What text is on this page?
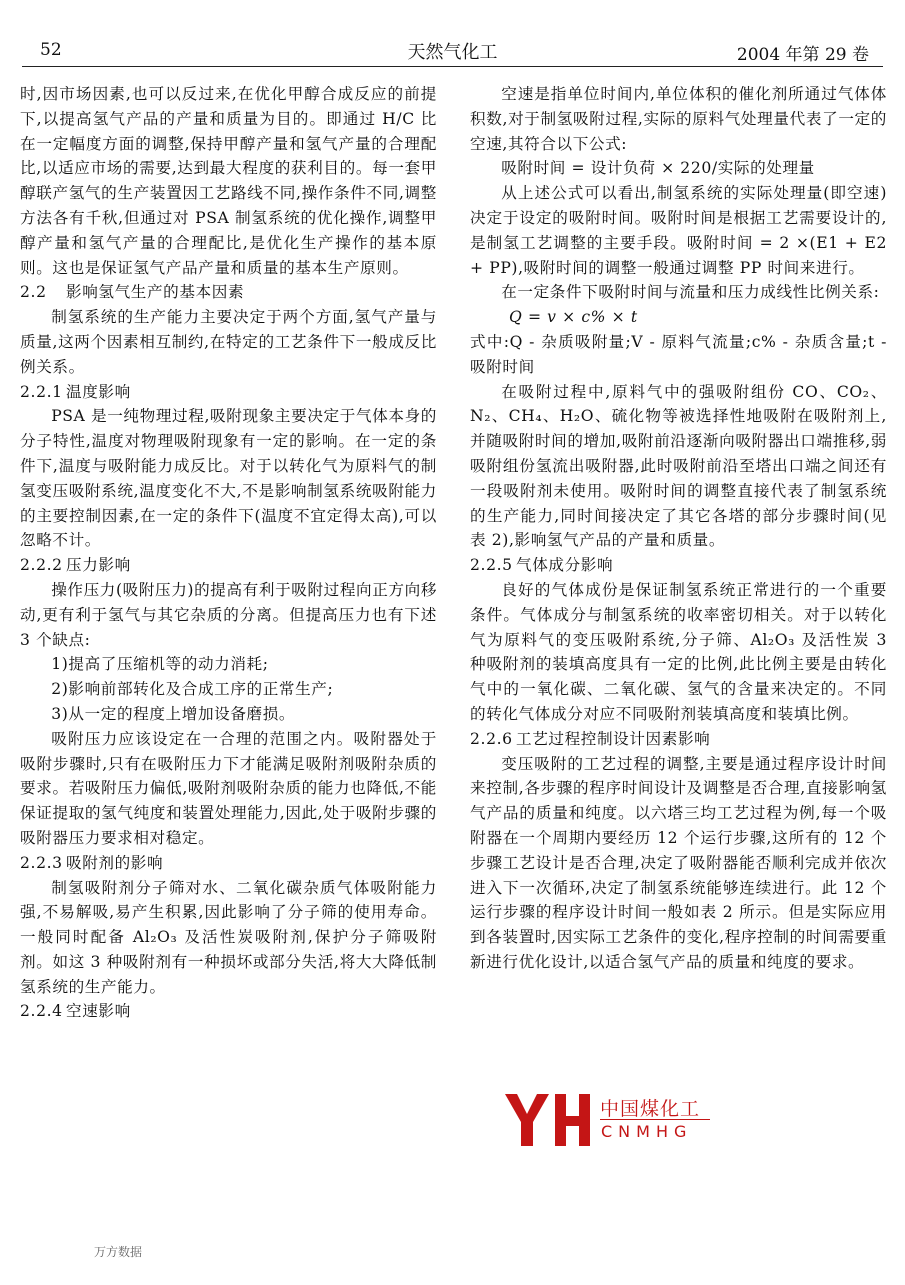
52	天然气化工	2004 年第 29 卷

时,因市场因素,也可以反过来,在优化甲醇合成反应的前提下,以提高氢气产品的产量和质量为目的。即通过 H/C 比在一定幅度方面的调整,保持甲醇产量和氢气产量的合理配比,以适应市场的需要,达到最大程度的获利目的。每一套甲醇联产氢气的生产装置因工艺路线不同,操作条件不同,调整方法各有千秋,但通过对 PSA 制氢系统的优化操作,调整甲醇产量和氢气产量的合理配比,是优化生产操作的基本原则。这也是保证氢气产品产量和质量的基本生产原则。

2.2 影响氢气生产的基本因素

制氢系统的生产能力主要决定于两个方面,氢气产量与质量,这两个因素相互制约,在特定的工艺条件下一般成反比例关系。

2.2.1 温度影响

PSA 是一纯物理过程,吸附现象主要决定于气体本身的分子特性,温度对物理吸附现象有一定的影响。在一定的条件下,温度与吸附能力成反比。对于以转化气为原料气的制氢变压吸附系统,温度变化不大,不是影响制氢系统吸附能力的主要控制因素,在一定的条件下(温度不宜定得太高),可以忽略不计。

2.2.2 压力影响

操作压力(吸附压力)的提高有利于吸附过程向正方向移动,更有利于氢气与其它杂质的分离。但提高压力也有下述 3 个缺点:

1)提高了压缩机等的动力消耗;

2)影响前部转化及合成工序的正常生产;

3)从一定的程度上增加设备磨损。

吸附压力应该设定在一合理的范围之内。吸附器处于吸附步骤时,只有在吸附压力下才能满足吸附剂吸附杂质的要求。若吸附压力偏低,吸附剂吸附杂质的能力也降低,不能保证提取的氢气纯度和装置处理能力,因此,处于吸附步骤的吸附器压力要求相对稳定。

2.2.3 吸附剂的影响

制氢吸附剂分子筛对水、二氧化碳杂质气体吸附能力强,不易解吸,易产生积累,因此影响了分子筛的使用寿命。一般同时配备 Al₂O₃ 及活性炭吸附剂,保护分子筛吸附剂。如这 3 种吸附剂有一种损坏或部分失活,将大大降低制氢系统的生产能力。

2.2.4 空速影响

空速是指单位时间内,单位体积的催化剂所通过气体体积数,对于制氢吸附过程,实际的原料气处理量代表了一定的空速,其符合以下公式:

吸附时间 = 设计负荷 × 220/实际的处理量

从上述公式可以看出,制氢系统的实际处理量(即空速)决定于设定的吸附时间。吸附时间是根据工艺需要设计的,是制氢工艺调整的主要手段。吸附时间 = 2 ×(E1 + E2 + PP),吸附时间的调整一般通过调整 PP 时间来进行。

在一定条件下吸附时间与流量和压力成线性比例关系:

Q = v × c% × t

式中:Q - 杂质吸附量;V - 原料气流量;c% - 杂质含量;t - 吸附时间

在吸附过程中,原料气中的强吸附组份 CO、CO₂、N₂、CH₄、H₂O、硫化物等被选择性地吸附在吸附剂上,并随吸附时间的增加,吸附前沿逐渐向吸附器出口端推移,弱吸附组份氢流出吸附器,此时吸附前沿至塔出口端之间还有一段吸附剂未使用。吸附时间的调整直接代表了制氢系统的生产能力,同时间接决定了其它各塔的部分步骤时间(见表 2),影响氢气产品的产量和质量。

2.2.5 气体成分影响

良好的气体成份是保证制氢系统正常进行的一个重要条件。气体成分与制氢系统的收率密切相关。对于以转化气为原料气的变压吸附系统,分子筛、Al₂O₃ 及活性炭 3 种吸附剂的装填高度具有一定的比例,此比例主要是由转化气中的一氧化碳、二氧化碳、氢气的含量来决定的。不同的转化气体成分对应不同吸附剂装填高度和装填比例。

2.2.6 工艺过程控制设计因素影响

变压吸附的工艺过程的调整,主要是通过程序设计时间来控制,各步骤的程序时间设计及调整是否合理,直接影响氢气产品的质量和纯度。以六塔三均工艺过程为例,每一个吸附器在一个周期内要经历 12 个运行步骤,这所有的 12 个步骤工艺设计是否合理,决定了吸附器能否顺利完成并依次进入下一次循环,决定了制氢系统能够连续进行。此 12 个运行步骤的程序设计时间一般如表 2 所示。但是实际应用到各装置时,因实际工艺条件的变化,程序控制的时间需要重新进行优化设计,以适合氢气产品的质量和纯度的要求。

中国煤化工
CNMHG
万方数据
